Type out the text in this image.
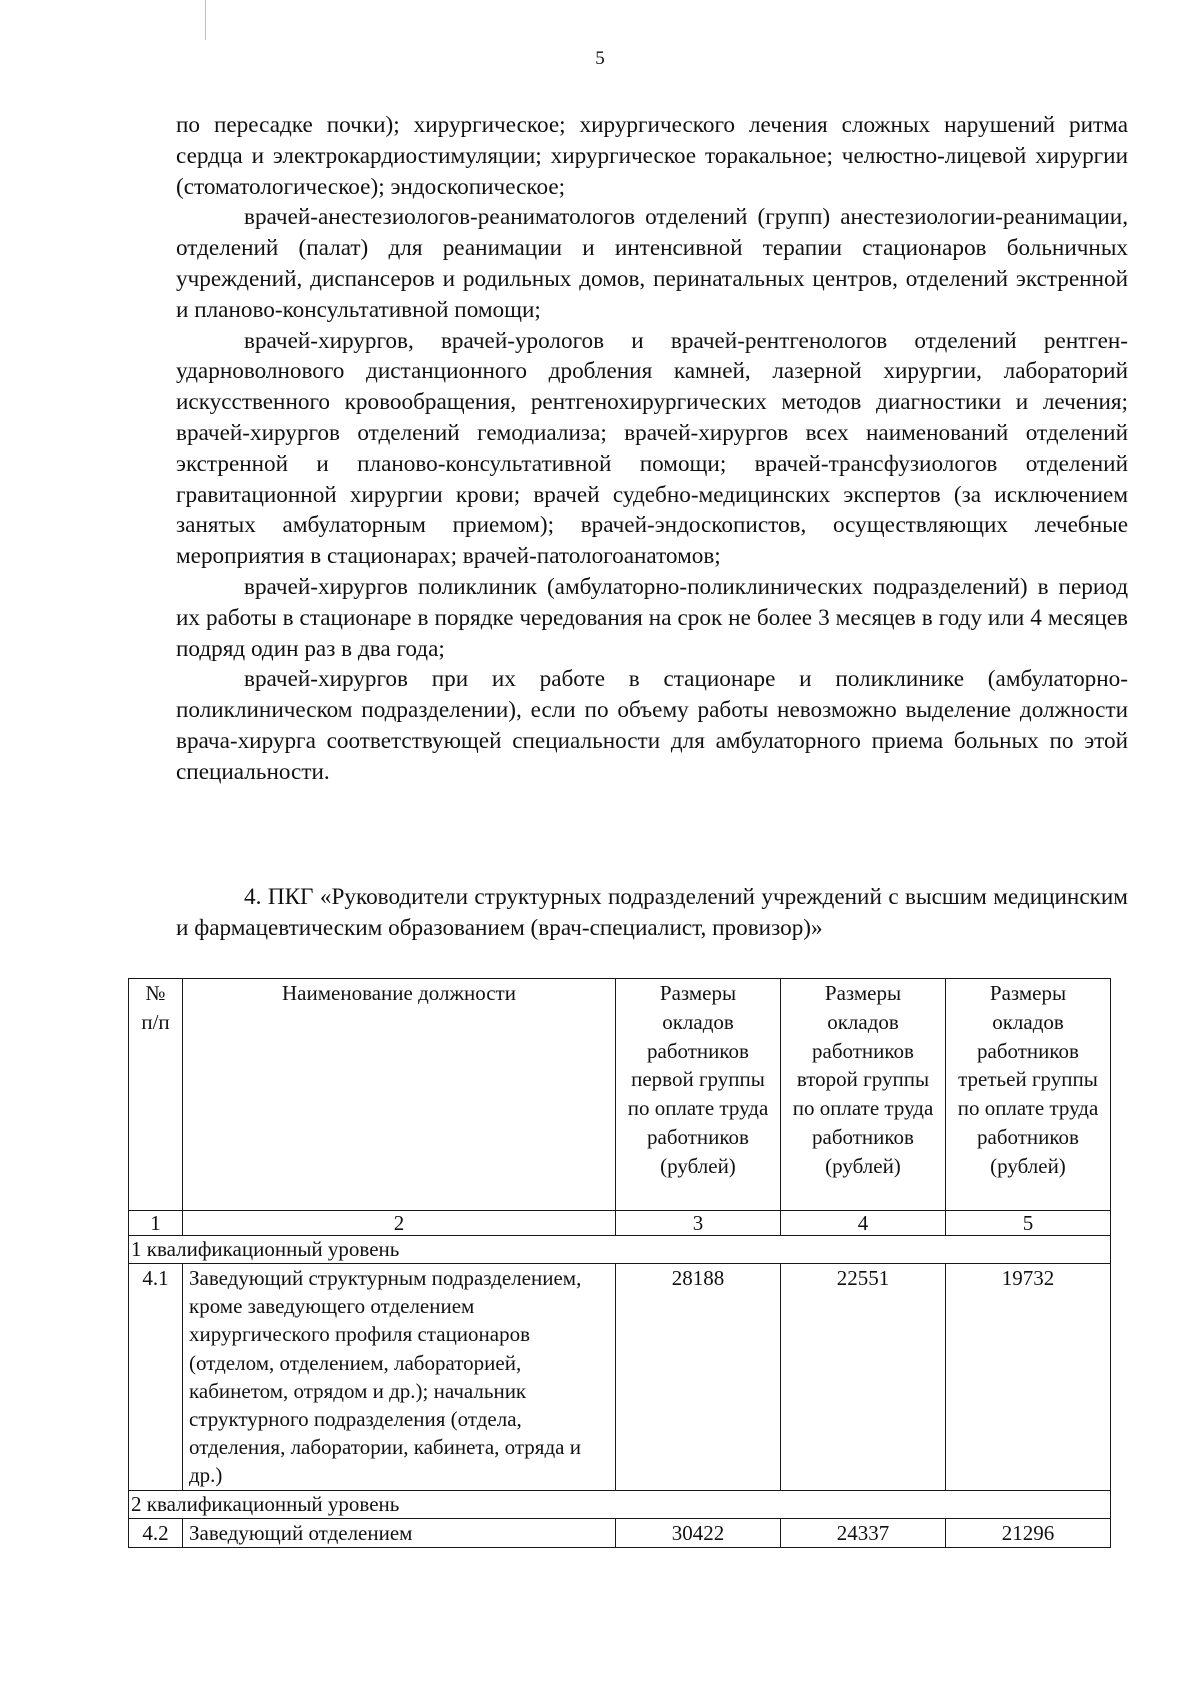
5

по пересадке почки); хирургическое; хирургического лечения сложных нарушений ритма сердца и электрокардиостимуляции; хирургическое торакальное; челюстно-лицевой хирургии (стоматологическое); эндоскопическое;

врачей-анестезиологов-реаниматологов отделений (групп) анестезиологии-реанимации, отделений (палат) для реанимации и интенсивной терапии стационаров больничных учреждений, диспансеров и родильных домов, перинатальных центров, отделений экстренной и планово-консультативной помощи;

врачей-хирургов, врачей-урологов и врачей-рентгенологов отделений рентген-ударноволнового дистанционного дробления камней, лазерной хирургии, лабораторий искусственного кровообращения, рентгенохирургических методов диагностики и лечения; врачей-хирургов отделений гемодиализа; врачей-хирургов всех наименований отделений экстренной и планово-консультативной помощи; врачей-трансфузиологов отделений гравитационной хирургии крови; врачей судебно-медицинских экспертов (за исключением занятых амбулаторным приемом); врачей-эндоскопистов, осуществляющих лечебные мероприятия в стационарах; врачей-патологоанатомов;

врачей-хирургов поликлиник (амбулаторно-поликлинических подразделений) в период их работы в стационаре в порядке чередования на срок не более 3 месяцев в году или 4 месяцев подряд один раз в два года;

врачей-хирургов при их работе в стационаре и поликлинике (амбулаторно-поликлиническом подразделении), если по объему работы невозможно выделение должности врача-хирурга соответствующей специальности для амбулаторного приема больных по этой специальности.

4. ПКГ «Руководители структурных подразделений учреждений с высшим медицинским и фармацевтическим образованием (врач-специалист, провизор)»
№ п/п	Наименование должности	Размеры окладов работников первой группы по оплате труда работников (рублей)	Размеры окладов работников второй группы по оплате труда работников (рублей)	Размеры окладов работников третьей группы по оплате труда работников (рублей)
1	2	3	4	5
1 квалификационный уровень				
4.1	Заведующий структурным подразделением, кроме заведующего отделением хирургического профиля стационаров (отделом, отделением, лабораторией, кабинетом, отрядом и др.); начальник структурного подразделения (отдела, отделения, лаборатории, кабинета, отряда и др.)	28188	22551	19732
2 квалификационный уровень				
4.2	Заведующий отделением	30422	24337	21296
